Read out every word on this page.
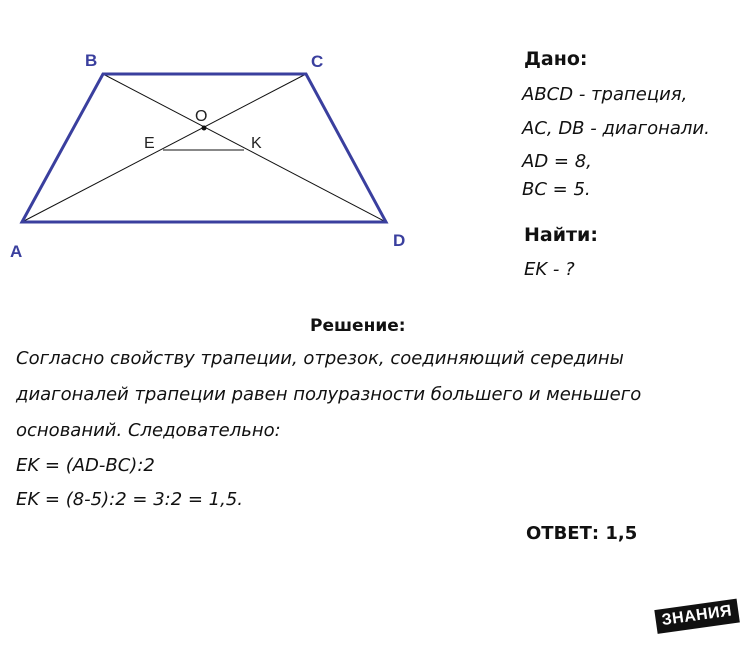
A
B	C
D
O
E	K
Дано:
ABCD - трапеция,
AC, DB - диагонали.
AD = 8,
BC = 5.
Найти:
EK - ?
Решение:
Согласно свойству трапеции, отрезок, соединяющий середины
диагоналей трапеции равен полуразности большего и меньшего
оснований. Следовательно:
EK = (AD-BC):2
EK = (8-5):2 = 3:2 = 1,5.
ОТВЕТ: 1,5
ЗНАНИЯ
